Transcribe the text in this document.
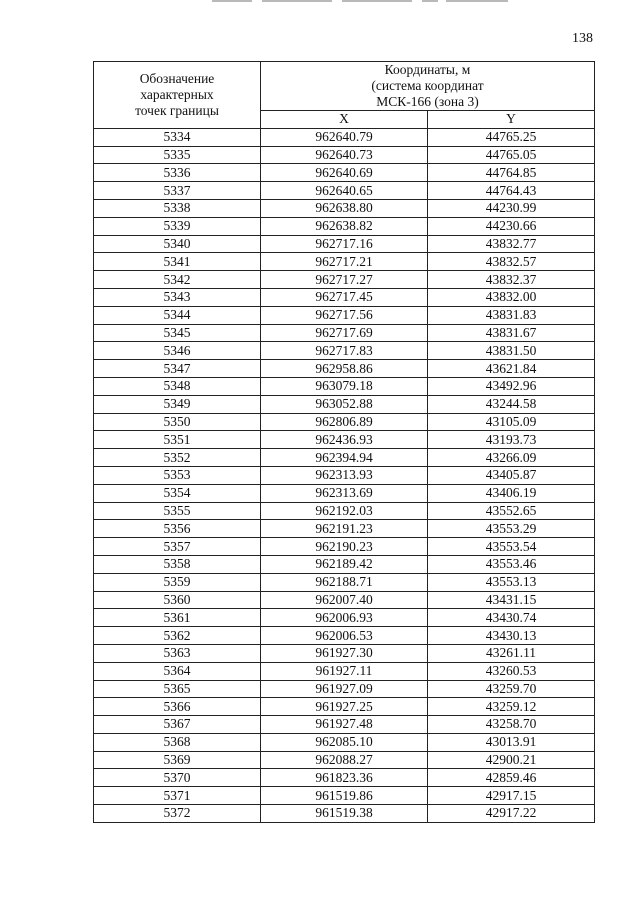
138
Обозначение
характерных
точек границы	Координаты, м
(система координат
МСК-166 (зона 3)	

	X	Y
5334	962640.79	44765.25
5335	962640.73	44765.05
5336	962640.69	44764.85
5337	962640.65	44764.43
5338	962638.80	44230.99
5339	962638.82	44230.66
5340	962717.16	43832.77
5341	962717.21	43832.57
5342	962717.27	43832.37
5343	962717.45	43832.00
5344	962717.56	43831.83
5345	962717.69	43831.67
5346	962717.83	43831.50
5347	962958.86	43621.84
5348	963079.18	43492.96
5349	963052.88	43244.58
5350	962806.89	43105.09
5351	962436.93	43193.73
5352	962394.94	43266.09
5353	962313.93	43405.87
5354	962313.69	43406.19
5355	962192.03	43552.65
5356	962191.23	43553.29
5357	962190.23	43553.54
5358	962189.42	43553.46
5359	962188.71	43553.13
5360	962007.40	43431.15
5361	962006.93	43430.74
5362	962006.53	43430.13
5363	961927.30	43261.11
5364	961927.11	43260.53
5365	961927.09	43259.70
5366	961927.25	43259.12
5367	961927.48	43258.70
5368	962085.10	43013.91
5369	962088.27	42900.21
5370	961823.36	42859.46
5371	961519.86	42917.15
5372	961519.38	42917.22
